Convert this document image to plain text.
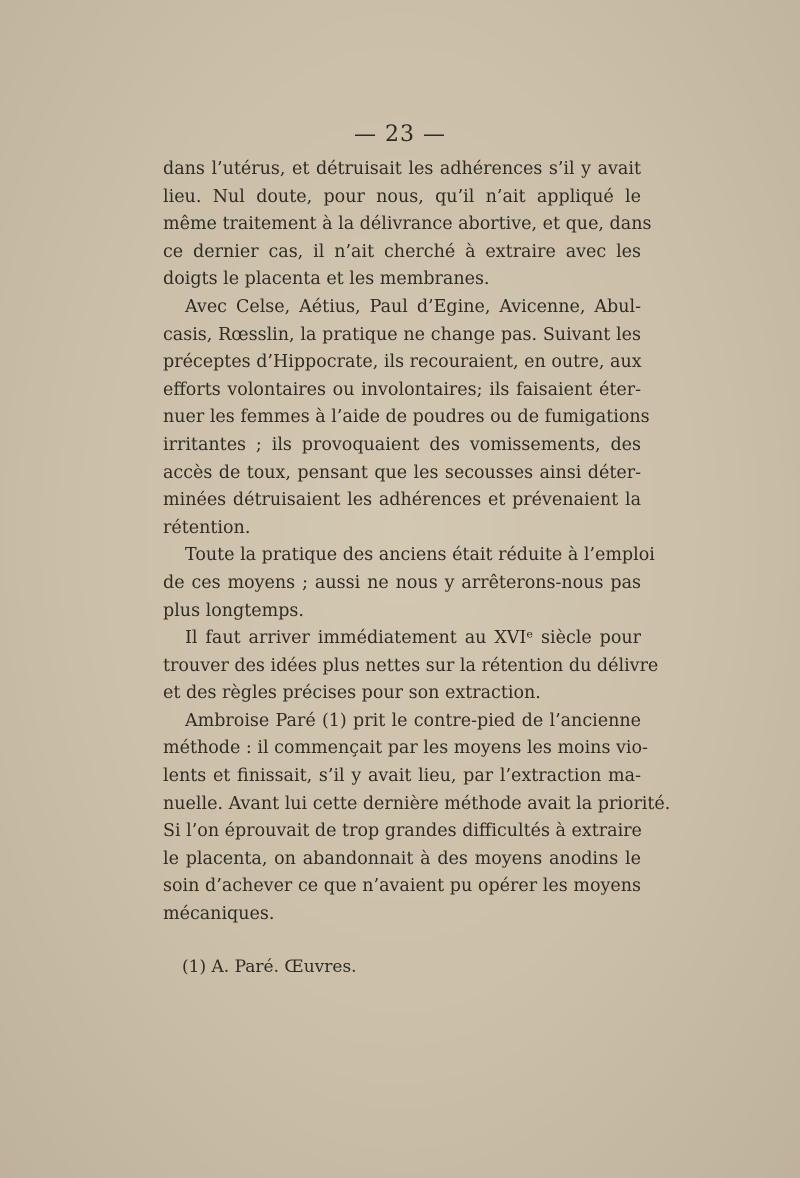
— 23 —
dans l’utérus, et détruisait les adhérences s’il y avait
lieu. Nul doute, pour nous, qu’il n’ait appliqué le
même traitement à la délivrance abortive, et que, dans
ce dernier cas, il n’ait cherché à extraire avec les
doigts le placenta et les membranes.
Avec Celse, Aétius, Paul d’Egine, Avicenne, Abul-
casis, Rœsslin, la pratique ne change pas. Suivant les
préceptes d’Hippocrate, ils recouraient, en outre, aux
efforts volontaires ou involontaires; ils faisaient éter-
nuer les femmes à l’aide de poudres ou de fumigations
irritantes ; ils provoquaient des vomissements, des
accès de toux, pensant que les secousses ainsi déter-
minées détruisaient les adhérences et prévenaient la
rétention.
Toute la pratique des anciens était réduite à l’emploi
de ces moyens ; aussi ne nous y arrêterons-nous pas
plus longtemps.
Il faut arriver immédiatement au XVIᵉ siècle pour
trouver des idées plus nettes sur la rétention du délivre
et des règles précises pour son extraction.
Ambroise Paré (1) prit le contre-pied de l’ancienne
méthode : il commençait par les moyens les moins vio-
lents et finissait, s’il y avait lieu, par l’extraction ma-
nuelle. Avant lui cette dernière méthode avait la priorité.
Si l’on éprouvait de trop grandes difficultés à extraire
le placenta, on abandonnait à des moyens anodins le
soin d’achever ce que n’avaient pu opérer les moyens
mécaniques.
(1) A. Paré. Œuvres.
